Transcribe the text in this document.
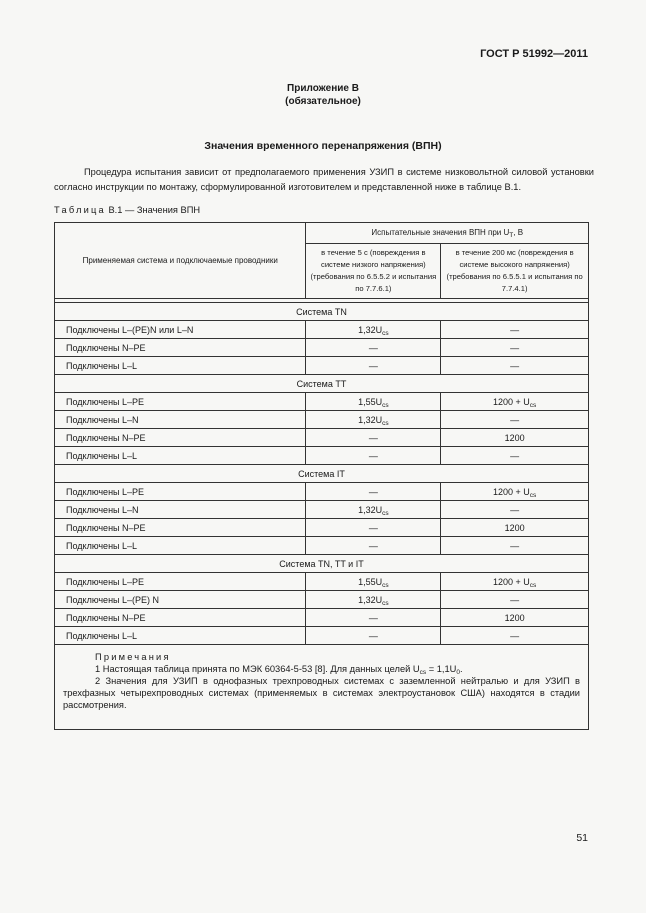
ГОСТ Р 51992—2011
Приложение В
(обязательное)
Значения временного перенапряжения (ВПН)
Процедура испытания зависит от предполагаемого применения УЗИП в системе низковольтной силовой установки согласно инструкции по монтажу, сформулированной изготовителем и представленной ниже в таблице В.1.
Таблица В.1 — Значения ВПН
Применяемая система и подключаемые проводники	Испытательные значения ВПН при $U_T$, В	
	в течение 5 с (повреждения в системе низкого напряжения) (требования по 6.5.5.2 и испытания по 7.7.6.1)	в течение 200 мс (повреждения в системе высокого напряжения) (требования по 6.5.5.1 и испытания по 7.7.4.1)

Система TN		
Подключены L–(PE)N или L–N	$1,32U_{cs}$	—
Подключены N–PE	—	—
Подключены L–L	—	—
Система TT		
Подключены L–PE	$1,55U_{cs}$	$1200 + U_{cs}$
Подключены L–N	$1,32U_{cs}$	—
Подключены N–PE	—	1200
Подключены L–L	—	—
Система IT		
Подключены L–PE	—	$1200 + U_{cs}$
Подключены L–N	$1,32U_{cs}$	—
Подключены N–PE	—	1200
Подключены L–L	—	—
Система TN, TT и IT		
Подключены L–PE	$1,55U_{cs}$	$1200 + U_{cs}$
Подключены L–(PE) N	$1,32U_{cs}$	—
Подключены N–PE	—	1200
Подключены L–L	—	—

Примечания
1 Настоящая таблица принята по МЭК 60364-5-53 [8]. Для данных целей $U_{cs} = 1,1U_0$.
2 Значения для УЗИП в однофазных трехпроводных системах с заземленной нейтралью и для УЗИП в трехфазных четырехпроводных системах (применяемых в системах электроустановок США) находятся в стадии рассмотрения.		
51
